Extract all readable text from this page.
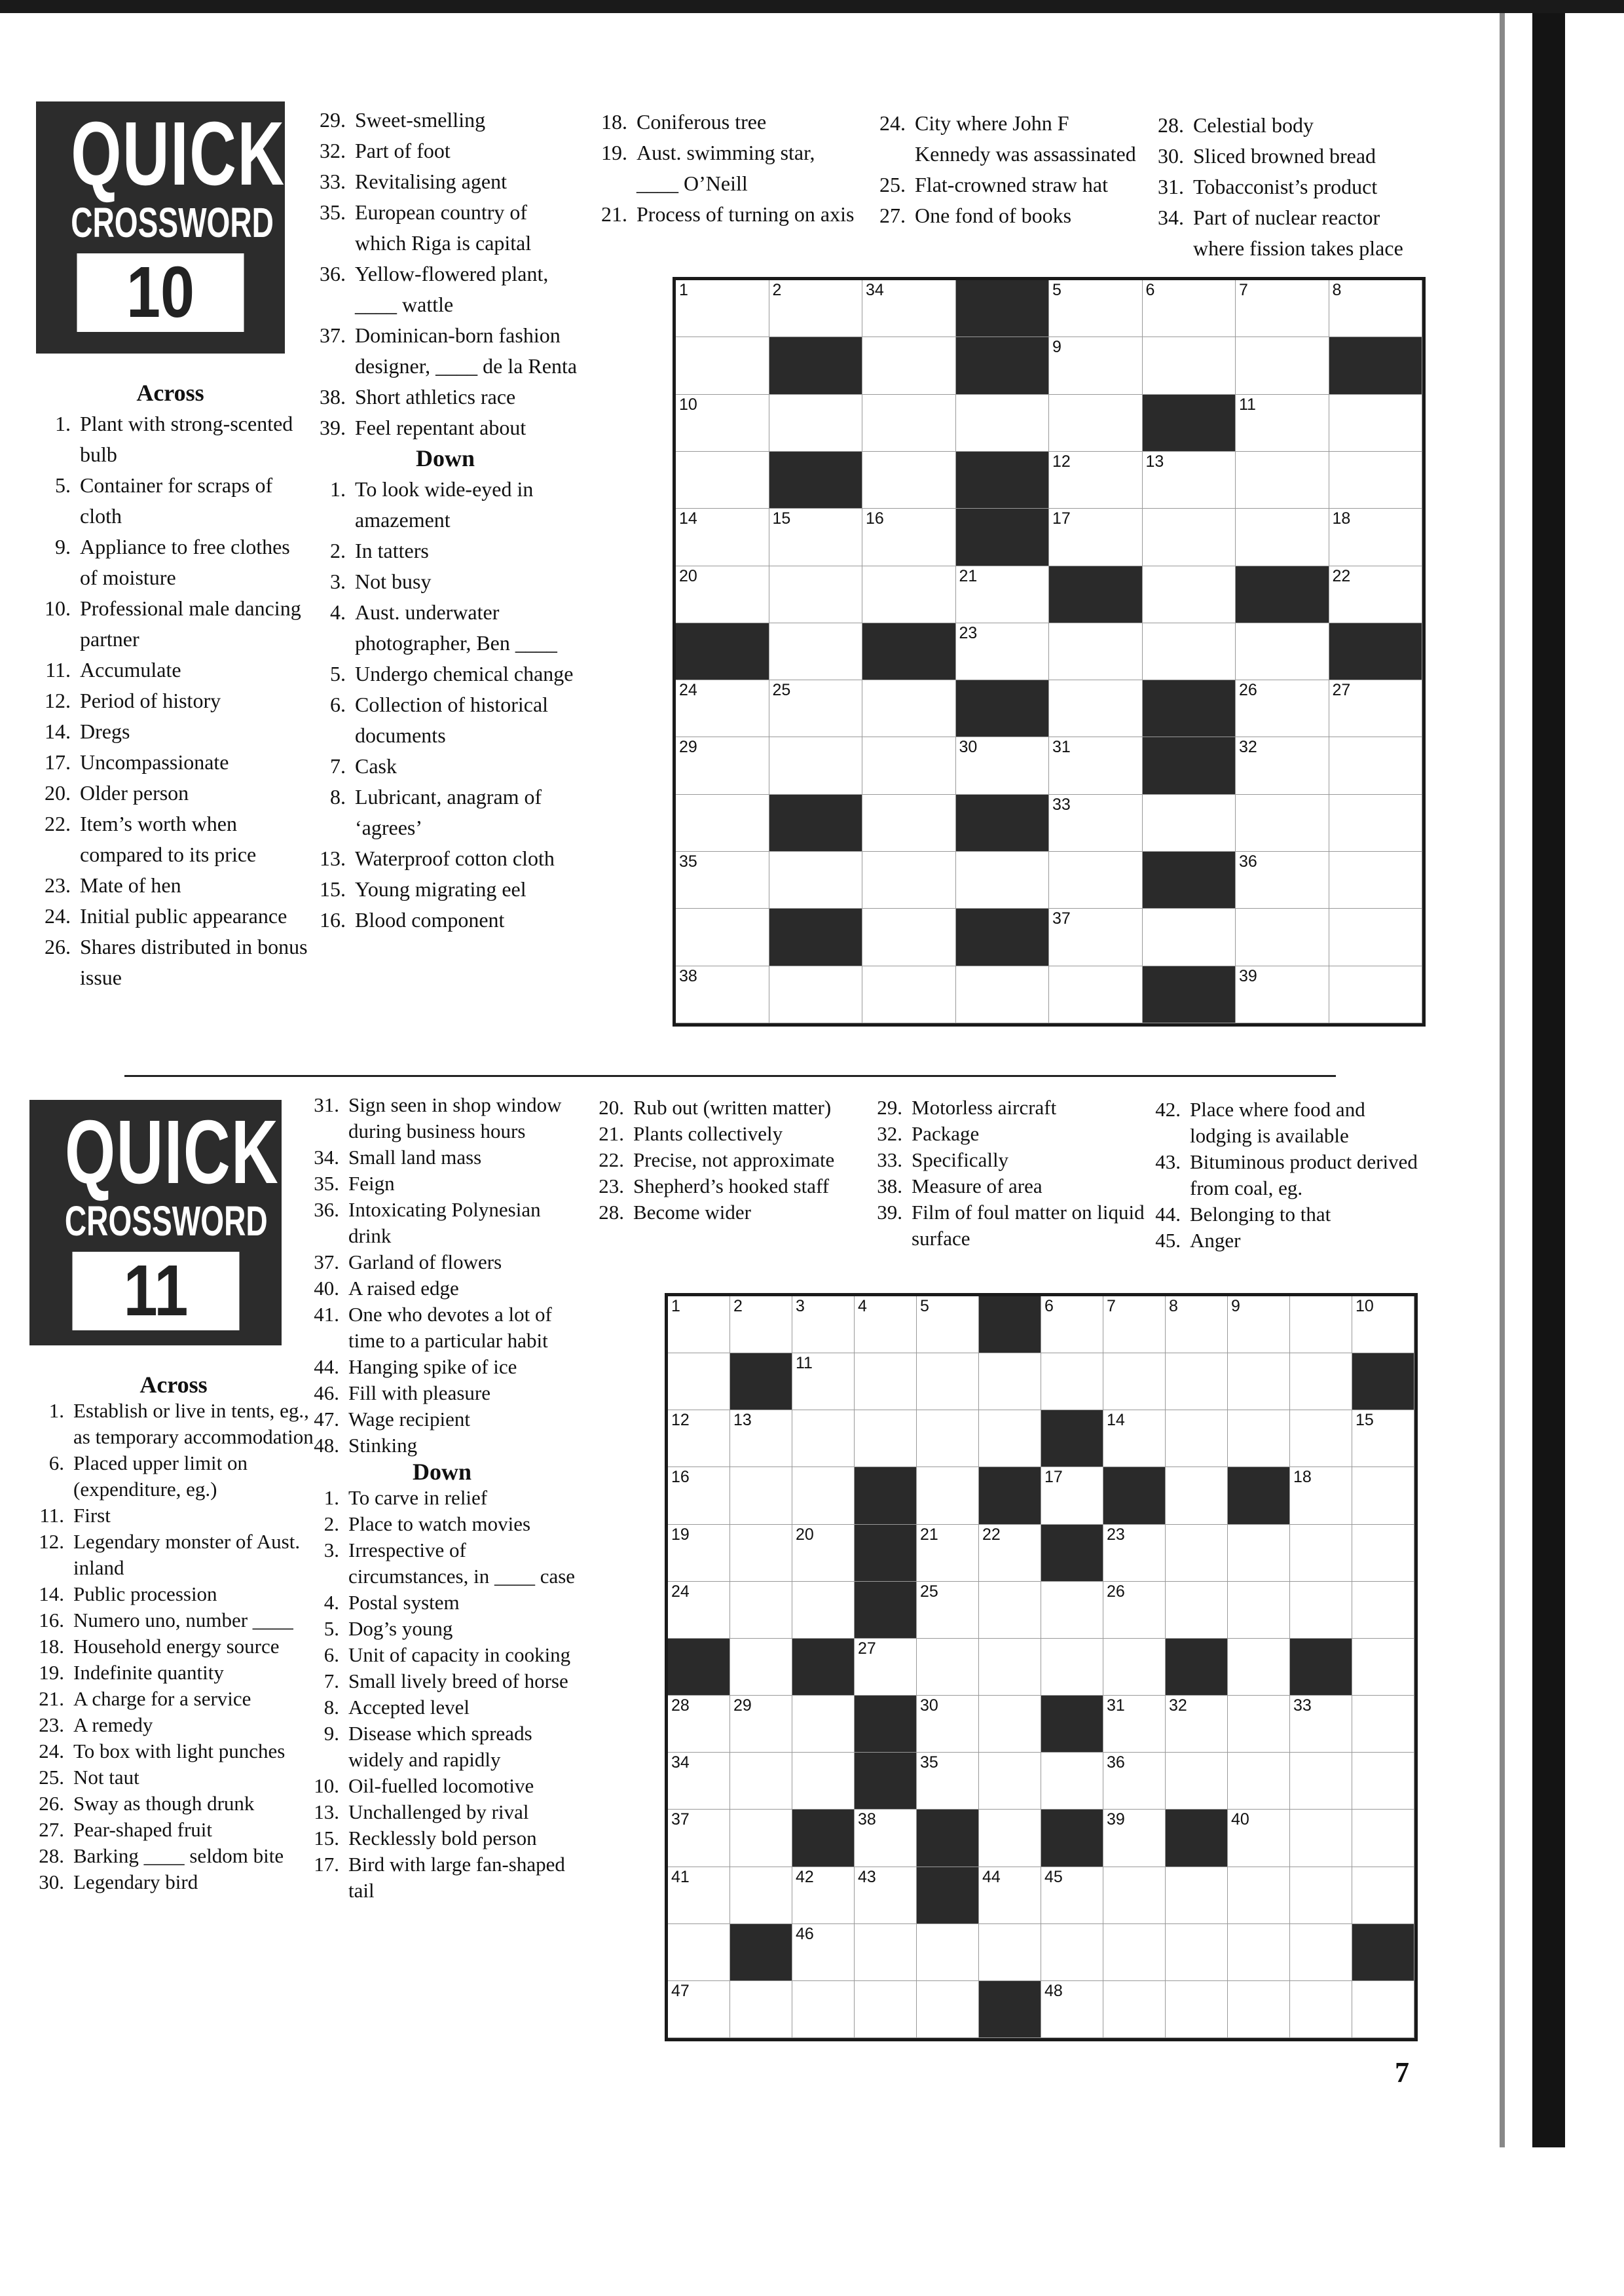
QUICK
CROSSWORD
10
Across
1. Plant with strong-scented bulb
5. Container for scraps of cloth
9. Appliance to free clothes of moisture
10. Professional male dancing partner
11. Accumulate
12. Period of history
14. Dregs
17. Uncompassionate
20. Older person
22. Item’s worth when compared to its price
23. Mate of hen
24. Initial public appearance
26. Shares distributed in bonus issue
29. Sweet-smelling
32. Part of foot
33. Revitalising agent
35. European country of which Riga is capital
36. Yellow-flowered plant, ____ wattle
37. Dominican-born fashion designer, ____ de la Renta
38. Short athletics race
39. Feel repentant about
Down
1. To look wide-eyed in amazement
2. In tatters
3. Not busy
4. Aust. underwater photographer, Ben ____
5. Undergo chemical change
6. Collection of historical documents
7. Cask
8. Lubricant, anagram of ‘agrees’
13. Waterproof cotton cloth
15. Young migrating eel
16. Blood component
18. Coniferous tree
19. Aust. swimming star, ____ O’Neill
21. Process of turning on axis
24. City where John F Kennedy was assassinated
25. Flat-crowned straw hat
27. One fond of books
28. Celestial body
30. Sliced browned bread
31. Tobacconist’s product
34. Part of nuclear reactor where fission takes place
1	2	34	5	6	7	8
9
10	11
12	13
14	15	16	17	18
20	21	22
23
24	25	26	27
29	30	31	32
33
35	36
37
38	39
QUICK
CROSSWORD
11
Across
1. Establish or live in tents, eg., as temporary accommodation
6. Placed upper limit on (expenditure, eg.)
11. First
12. Legendary monster of Aust. inland
14. Public procession
16. Numero uno, number ____
18. Household energy source
19. Indefinite quantity
21. A charge for a service
23. A remedy
24. To box with light punches
25. Not taut
26. Sway as though drunk
27. Pear-shaped fruit
28. Barking ____ seldom bite
30. Legendary bird
31. Sign seen in shop window during business hours
34. Small land mass
35. Feign
36. Intoxicating Polynesian drink
37. Garland of flowers
40. A raised edge
41. One who devotes a lot of time to a particular habit
44. Hanging spike of ice
46. Fill with pleasure
47. Wage recipient
48. Stinking
Down
1. To carve in relief
2. Place to watch movies
3. Irrespective of circumstances, in ____ case
4. Postal system
5. Dog’s young
6. Unit of capacity in cooking
7. Small lively breed of horse
8. Accepted level
9. Disease which spreads widely and rapidly
10. Oil-fuelled locomotive
13. Unchallenged by rival
15. Recklessly bold person
17. Bird with large fan-shaped tail
20. Rub out (written matter)
21. Plants collectively
22. Precise, not approximate
23. Shepherd’s hooked staff
28. Become wider
29. Motorless aircraft
32. Package
33. Specifically
38. Measure of area
39. Film of foul matter on liquid surface
42. Place where food and lodging is available
43. Bituminous product derived from coal, eg.
44. Belonging to that
45. Anger
1	2	3	4	5	6	7	8	9	10
11
12	13	14	15
16	17	18
19	20	21	22	23
24	25	26
27
28	29	30	31	32	33
34	35	36
37	38	39	40
41	42	43	44	45
46
47	48
7
